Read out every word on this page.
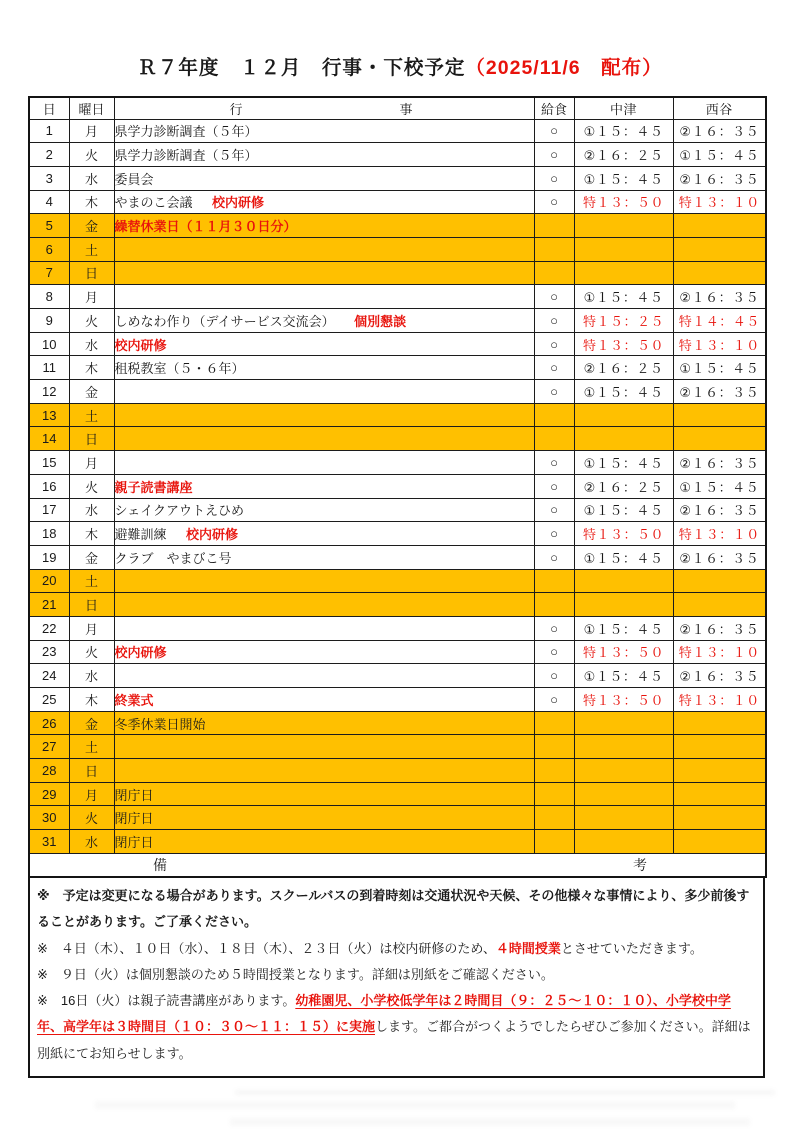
Ｒ７年度　１２月　行事・下校予定（2025/11/6　配布）
日	曜日	行 事	給食	中津	西谷
1	月	県学力診断調査（５年）	○	①１５：４５	②１６：３５
2	火	県学力診断調査（５年）	○	②１６：２５	①１５：４５
3	水	委員会	○	①１５：４５	②１６：３５
4	木	やまのこ会議 校内研修	○	特１３：５０	特１３：１０
5	金	繰替休業日（１１月３０日分）			
6	土				
7	日				
8	月		○	①１５：４５	②１６：３５
9	火	しめなわ作り（デイサービス交流会） 個別懇談	○	特１５：２５	特１４：４５
10	水	校内研修	○	特１３：５０	特１３：１０
11	木	租税教室（５・６年）	○	②１６：２５	①１５：４５
12	金		○	①１５：４５	②１６：３５
13	土				
14	日				
15	月		○	①１５：４５	②１６：３５
16	火	親子読書講座	○	②１６：２５	①１５：４５
17	水	シェイクアウトえひめ	○	①１５：４５	②１６：３５
18	木	避難訓練 校内研修	○	特１３：５０	特１３：１０
19	金	クラブ　やまびこ号	○	①１５：４５	②１６：３５
20	土				
21	日				
22	月		○	①１５：４５	②１６：３５
23	火	校内研修	○	特１３：５０	特１３：１０
24	水		○	①１５：４５	②１６：３５
25	木	終業式	○	特１３：５０	特１３：１０
26	金	冬季休業日開始			
27	土				
28	日				
29	月	閉庁日			
30	火	閉庁日			
31	水	閉庁日			

備 考					

※　予定は変更になる場合があります。スクールバスの到着時刻は交通状況や天候、その他様々な事情により、多少前後することがあります。ご了承ください。

※　４日（木）、１０日（水）、１８日（木）、２３日（火）は校内研修のため、４時間授業とさせていただきます。

※　９日（火）は個別懇談のため５時間授業となります。詳細は別紙をご確認ください。

※　16日（火）は親子読書講座があります。幼稚園児、小学校低学年は２時間目（９：２５～１０：１０）、小学校中学年、高学年は３時間目（１０：３０～１１：１５）に実施します。ご都合がつくようでしたらぜひご参加ください。詳細は別紙にてお知らせします。
